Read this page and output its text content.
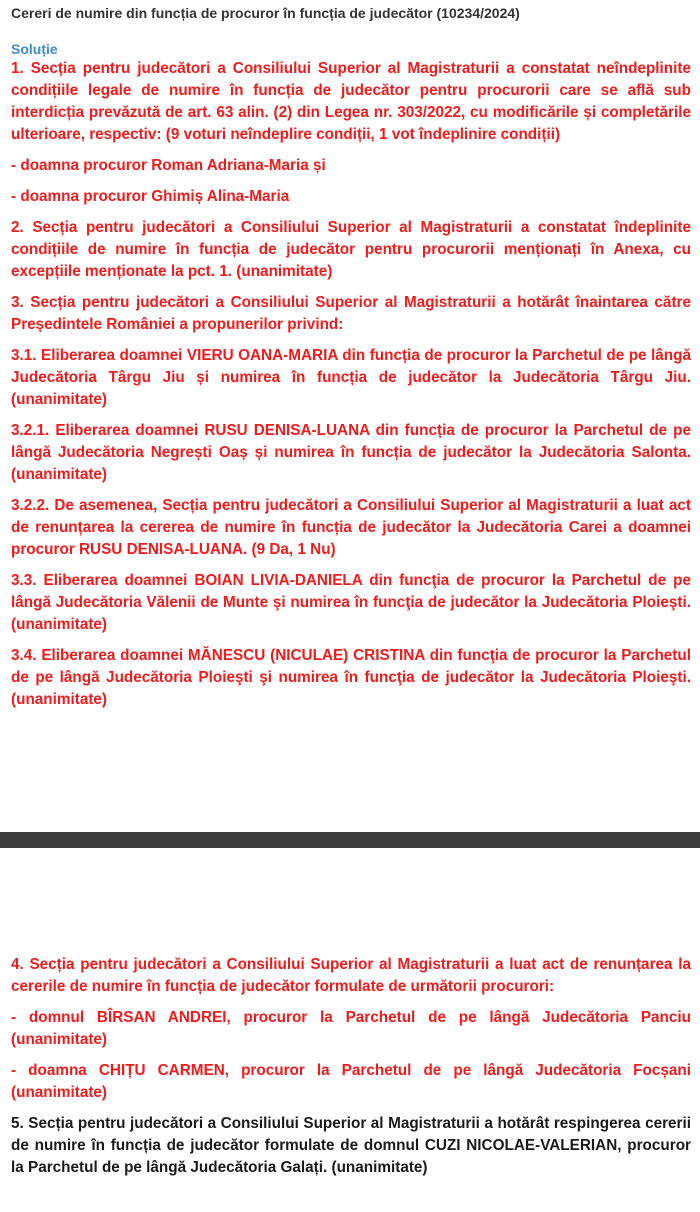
Cereri de numire din funcția de procuror în funcția de judecător (10234/2024)

Soluție

1. Secția pentru judecători a Consiliului Superior al Magistraturii a constatat neîndeplinite condițiile legale de numire în funcția de judecător pentru procurorii care se află sub interdicția prevăzută de art. 63 alin. (2) din Legea nr. 303/2022, cu modificările și completările ulterioare, respectiv: (9 voturi neîndeplire condiții, 1 vot îndeplinire condiții)

- doamna procuror Roman Adriana-Maria și

- doamna procuror Ghimiș Alina-Maria

2. Secția pentru judecători a Consiliului Superior al Magistraturii a constatat îndeplinite condițiile de numire în funcția de judecător pentru procurorii menționați în Anexa, cu excepțiile menționate la pct. 1. (unanimitate)

3. Secția pentru judecători a Consiliului Superior al Magistraturii a hotărât înaintarea către Președintele României a propunerilor privind:

3.1. Eliberarea doamnei VIERU OANA-MARIA din funcția de procuror la Parchetul de pe lângă Judecătoria Târgu Jiu și numirea în funcția de judecător la Judecătoria Târgu Jiu. (unanimitate)

3.2.1. Eliberarea doamnei RUSU DENISA-LUANA din funcția de procuror la Parchetul de pe lângă Judecătoria Negrești Oaș și numirea în funcția de judecător la Judecătoria Salonta. (unanimitate)

3.2.2. De asemenea, Secția pentru judecători a Consiliului Superior al Magistraturii a luat act de renunțarea la cererea de numire în funcția de judecător la Judecătoria Carei a doamnei procuror RUSU DENISA-LUANA. (9 Da, 1 Nu)

3.3. Eliberarea doamnei BOIAN LIVIA-DANIELA din funcţia de procuror la Parchetul de pe lângă Judecătoria Vălenii de Munte şi numirea în funcţia de judecător la Judecătoria Ploieşti. (unanimitate)

3.4. Eliberarea doamnei MĂNESCU (NICULAE) CRISTINA din funcţia de procuror la Parchetul de pe lângă Judecătoria Ploieşti şi numirea în funcţia de judecător la Judecătoria Ploieşti. (unanimitate)

4. Secția pentru judecători a Consiliului Superior al Magistraturii a luat act de renunțarea la cererile de numire în funcția de judecător formulate de următorii procurori:

- domnul BÎRSAN ANDREI, procuror la Parchetul de pe lângă Judecătoria Panciu (unanimitate)

- doamna CHIȚU CARMEN, procuror la Parchetul de pe lângă Judecătoria Focșani (unanimitate)

5. Secția pentru judecători a Consiliului Superior al Magistraturii a hotărât respingerea cererii de numire în funcția de judecător formulate de domnul CUZI NICOLAE-VALERIAN, procuror la Parchetul de pe lângă Judecătoria Galați. (unanimitate)
